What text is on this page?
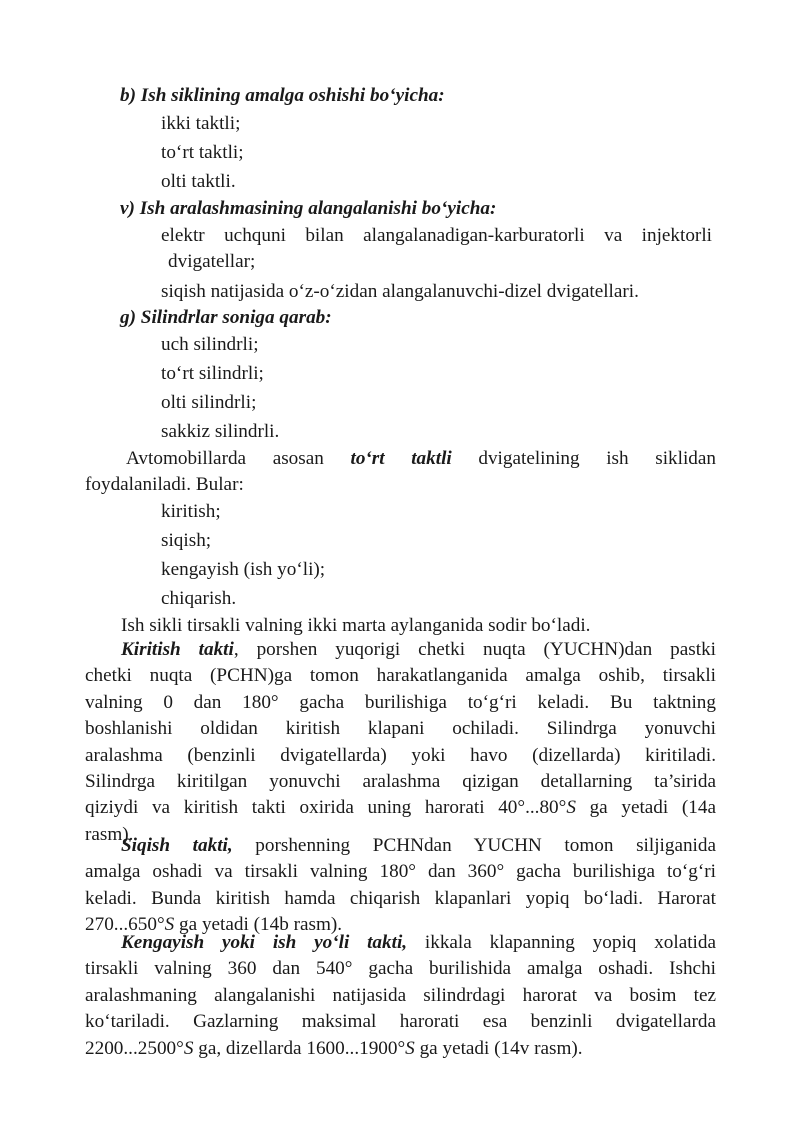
b) Ish siklining amalga oshishi bo‘yicha:
ikki taktli;
to‘rt taktli;
olti taktli.
v) Ish aralashmasining alangalanishi bo‘yicha:
elektr uchquni bilan alangalanadigan-karburatorli va injektorli
dvigatellar;
siqish natijasida o‘z-o‘zidan alangalanuvchi-dizel dvigatellari.
g) Silindrlar soniga qarab:
uch silindrli;
to‘rt silindrli;
olti silindrli;
sakkiz silindrli.
Avtomobillarda asosan to‘rt taktli dvigatelining ish siklidan
foydalaniladi. Bular:
kiritish;
siqish;
kengayish (ish yo‘li);
chiqarish.
Ish sikli tirsakli valning ikki marta aylanganida sodir bo‘ladi.
Kiritish takti, porshen yuqorigi chetki nuqta (YUCHN)dan pastki
chetki nuqta (PCHN)ga tomon harakatlanganida amalga oshib, tirsakli
valning 0 dan 180° gacha burilishiga to‘g‘ri keladi. Bu taktning
boshlanishi oldidan kiritish klapani ochiladi. Silindrga yonuvchi
aralashma (benzinli dvigatellarda) yoki havo (dizellarda) kiritiladi.
Silindrga kiritilgan yonuvchi aralashma qizigan detallarning ta’sirida
qiziydi va kiritish takti oxirida uning harorati 40°...80°S ga yetadi (14a
rasm).
Siqish takti, porshenning PCHNdan YUCHN tomon siljiganida
amalga oshadi va tirsakli valning 180° dan 360° gacha burilishiga to‘g‘ri
keladi. Bunda kiritish hamda chiqarish klapanlari yopiq bo‘ladi. Harorat
270...650°S ga yetadi (14b rasm).
Kengayish yoki ish yo‘li takti, ikkala klapanning yopiq xolatida
tirsakli valning 360 dan 540° gacha burilishida amalga oshadi. Ishchi
aralashmaning alangalanishi natijasida silindrdagi harorat va bosim tez
ko‘tariladi. Gazlarning maksimal harorati esa benzinli dvigatellarda
2200...2500°S ga, dizellarda 1600...1900°S ga yetadi (14v rasm).
